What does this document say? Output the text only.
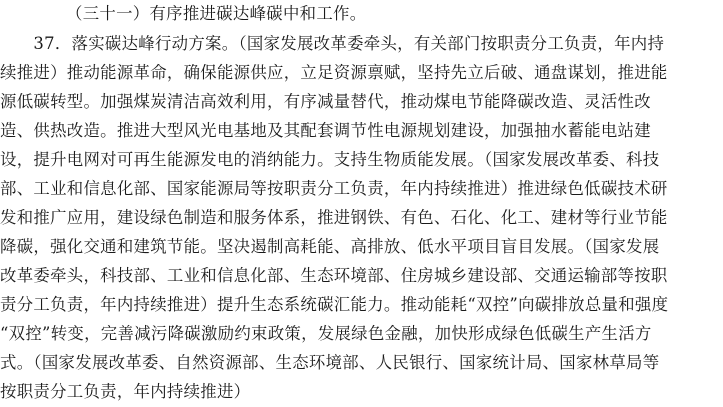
（三十一）有序推进碳达峰碳中和工作。
　　37．落实碳达峰行动方案。（国家发展改革委牵头，有关部门按职责分工负责，年内持
续推进）推动能源革命，确保能源供应，立足资源禀赋，坚持先立后破、通盘谋划，推进能
源低碳转型。加强煤炭清洁高效利用，有序减量替代，推动煤电节能降碳改造、灵活性改
造、供热改造。推进大型风光电基地及其配套调节性电源规划建设，加强抽水蓄能电站建
设，提升电网对可再生能源发电的消纳能力。支持生物质能发展。（国家发展改革委、科技
部、工业和信息化部、国家能源局等按职责分工负责，年内持续推进）推进绿色低碳技术研
发和推广应用，建设绿色制造和服务体系，推进钢铁、有色、石化、化工、建材等行业节能
降碳，强化交通和建筑节能。坚决遏制高耗能、高排放、低水平项目盲目发展。（国家发展
改革委牵头，科技部、工业和信息化部、生态环境部、住房城乡建设部、交通运输部等按职
责分工负责，年内持续推进）提升生态系统碳汇能力。推动能耗“双控”向碳排放总量和强度
“双控”转变，完善减污降碳激励约束政策，发展绿色金融，加快形成绿色低碳生产生活方
式。（国家发展改革委、自然资源部、生态环境部、人民银行、国家统计局、国家林草局等
按职责分工负责，年内持续推进）
